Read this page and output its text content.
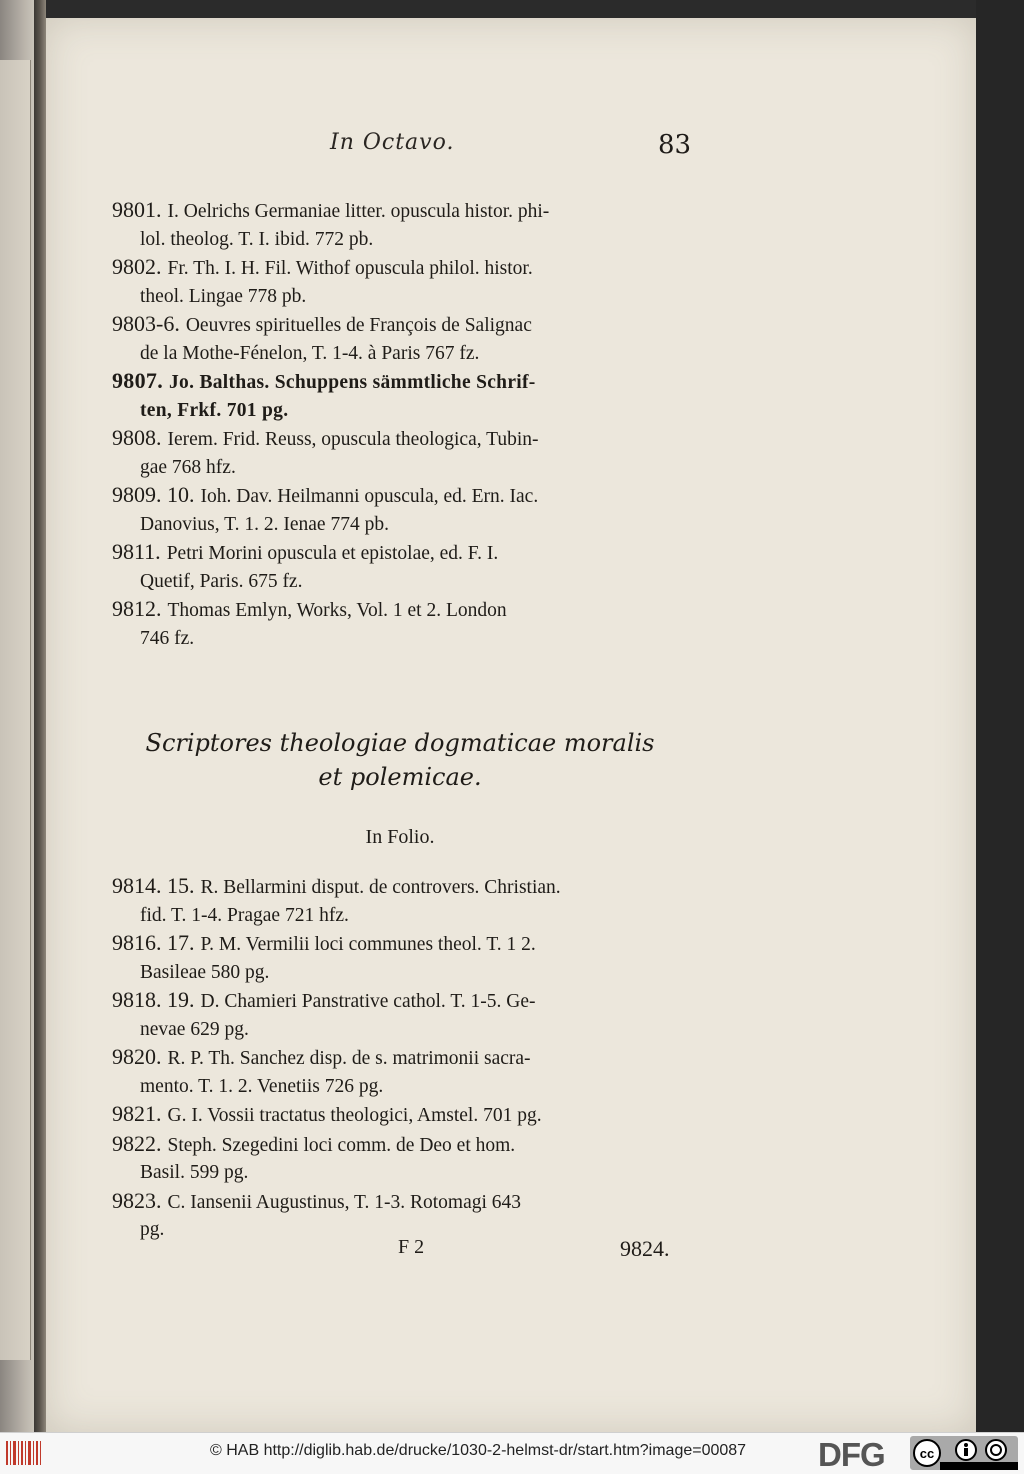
In Octavo.	83
9801. I. Oelrichs Germaniae litter. opuscula histor. phi-
lol. theolog. T. I. ibid. 772 pb.
9802. Fr. Th. I. H. Fil. Withof opuscula philol. histor.
theol. Lingae 778 pb.
9803-6. Oeuvres spirituelles de François de Salignac
de la Mothe-Fénelon, T. 1-4. à Paris 767 fz.
9807. Jo. Balthas. Schuppens sämmtliche Schrif-
ten, Frkf. 701 pg.
9808. Ierem. Frid. Reuss, opuscula theologica, Tubin-
gae 768 hfz.
9809. 10. Ioh. Dav. Heilmanni opuscula, ed. Ern. Iac.
Danovius, T. 1. 2. Ienae 774 pb.
9811. Petri Morini opuscula et epistolae, ed. F. I.
Quetif, Paris. 675 fz.
9812. Thomas Emlyn, Works, Vol. 1 et 2. London
746 fz.
Scriptores theologiae dogmaticae moralis
et polemicae.
In Folio.
9814. 15. R. Bellarmini disput. de controvers. Christian.
fid. T. 1-4. Pragae 721 hfz.
9816. 17. P. M. Vermilii loci communes theol. T. 1 2.
Basileae 580 pg.
9818. 19. D. Chamieri Panstrative cathol. T. 1-5. Ge-
nevae 629 pg.
9820. R. P. Th. Sanchez disp. de s. matrimonii sacra-
mento. T. 1. 2. Venetiis 726 pg.
9821. G. I. Vossii tractatus theologici, Amstel. 701 pg.
9822. Steph. Szegedini loci comm. de Deo et hom.
Basil. 599 pg.
9823. C. Iansenii Augustinus, T. 1-3. Rotomagi 643
pg.
F 2	9824.
© HAB http://diglib.hab.de/drucke/1030-2-helmst-dr/start.htm?image=00087 DFG	cc
